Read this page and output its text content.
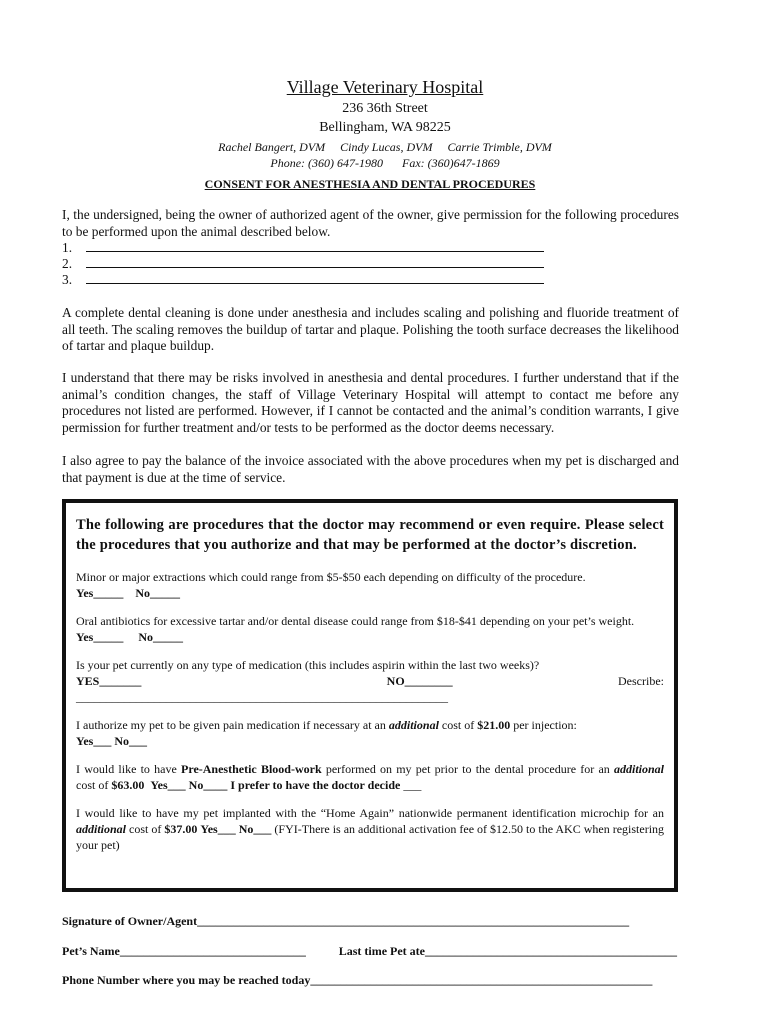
Village Veterinary Hospital
236 36th Street
Bellingham, WA 98225
Rachel Bangert, DVM Cindy Lucas, DVM Carrie Trimble, DVM
Phone: (360) 647-1980 Fax: (360)647-1869
CONSENT FOR ANESTHESIA AND DENTAL PROCEDURES
I, the undersigned, being the owner of authorized agent of the owner, give permission for the following procedures to be performed upon the animal described below.
1.
2.
3.
A complete dental cleaning is done under anesthesia and includes scaling and polishing and fluoride treatment of all teeth. The scaling removes the buildup of tartar and plaque. Polishing the tooth surface decreases the likelihood of tartar and plaque buildup.
I understand that there may be risks involved in anesthesia and dental procedures. I further understand that if the animal’s condition changes, the staff of Village Veterinary Hospital will attempt to contact me before any procedures not listed are performed. However, if I cannot be contacted and the animal’s condition warrants, I give permission for further treatment and/or tests to be performed as the doctor deems necessary.
I also agree to pay the balance of the invoice associated with the above procedures when my pet is discharged and that payment is due at the time of service.
The following are procedures that the doctor may recommend or even require. Please select the procedures that you authorize and that may be performed at the doctor’s discretion.
Minor or major extractions which could range from $5-$50 each depending on difficulty of the procedure.
Yes_____ No_____
Oral antibiotics for excessive tartar and/or dental disease could range from $18-$41 depending on your pet’s weight.
Yes_____ No_____
Is your pet currently on any type of medication (this includes aspirin within the last two weeks)?
YES_______	NO________	Describe:
______________________________________________________________
I authorize my pet to be given pain medication if necessary at an additional cost of $21.00 per injection:
Yes___ No___
I would like to have Pre-Anesthetic Blood-work performed on my pet prior to the dental procedure for an additional cost of $63.00 Yes___ No____ I prefer to have the doctor decide ___
I would like to have my pet implanted with the “Home Again” nationwide permanent identification microchip for an additional cost of $37.00 Yes___ No___ (FYI-There is an additional activation fee of $12.50 to the AKC when registering your pet)
Signature of Owner/Agent________________________________________________________________________
Pet’s Name_______________________________	Last time Pet ate__________________________________________
Phone Number where you may be reached today_________________________________________________________
